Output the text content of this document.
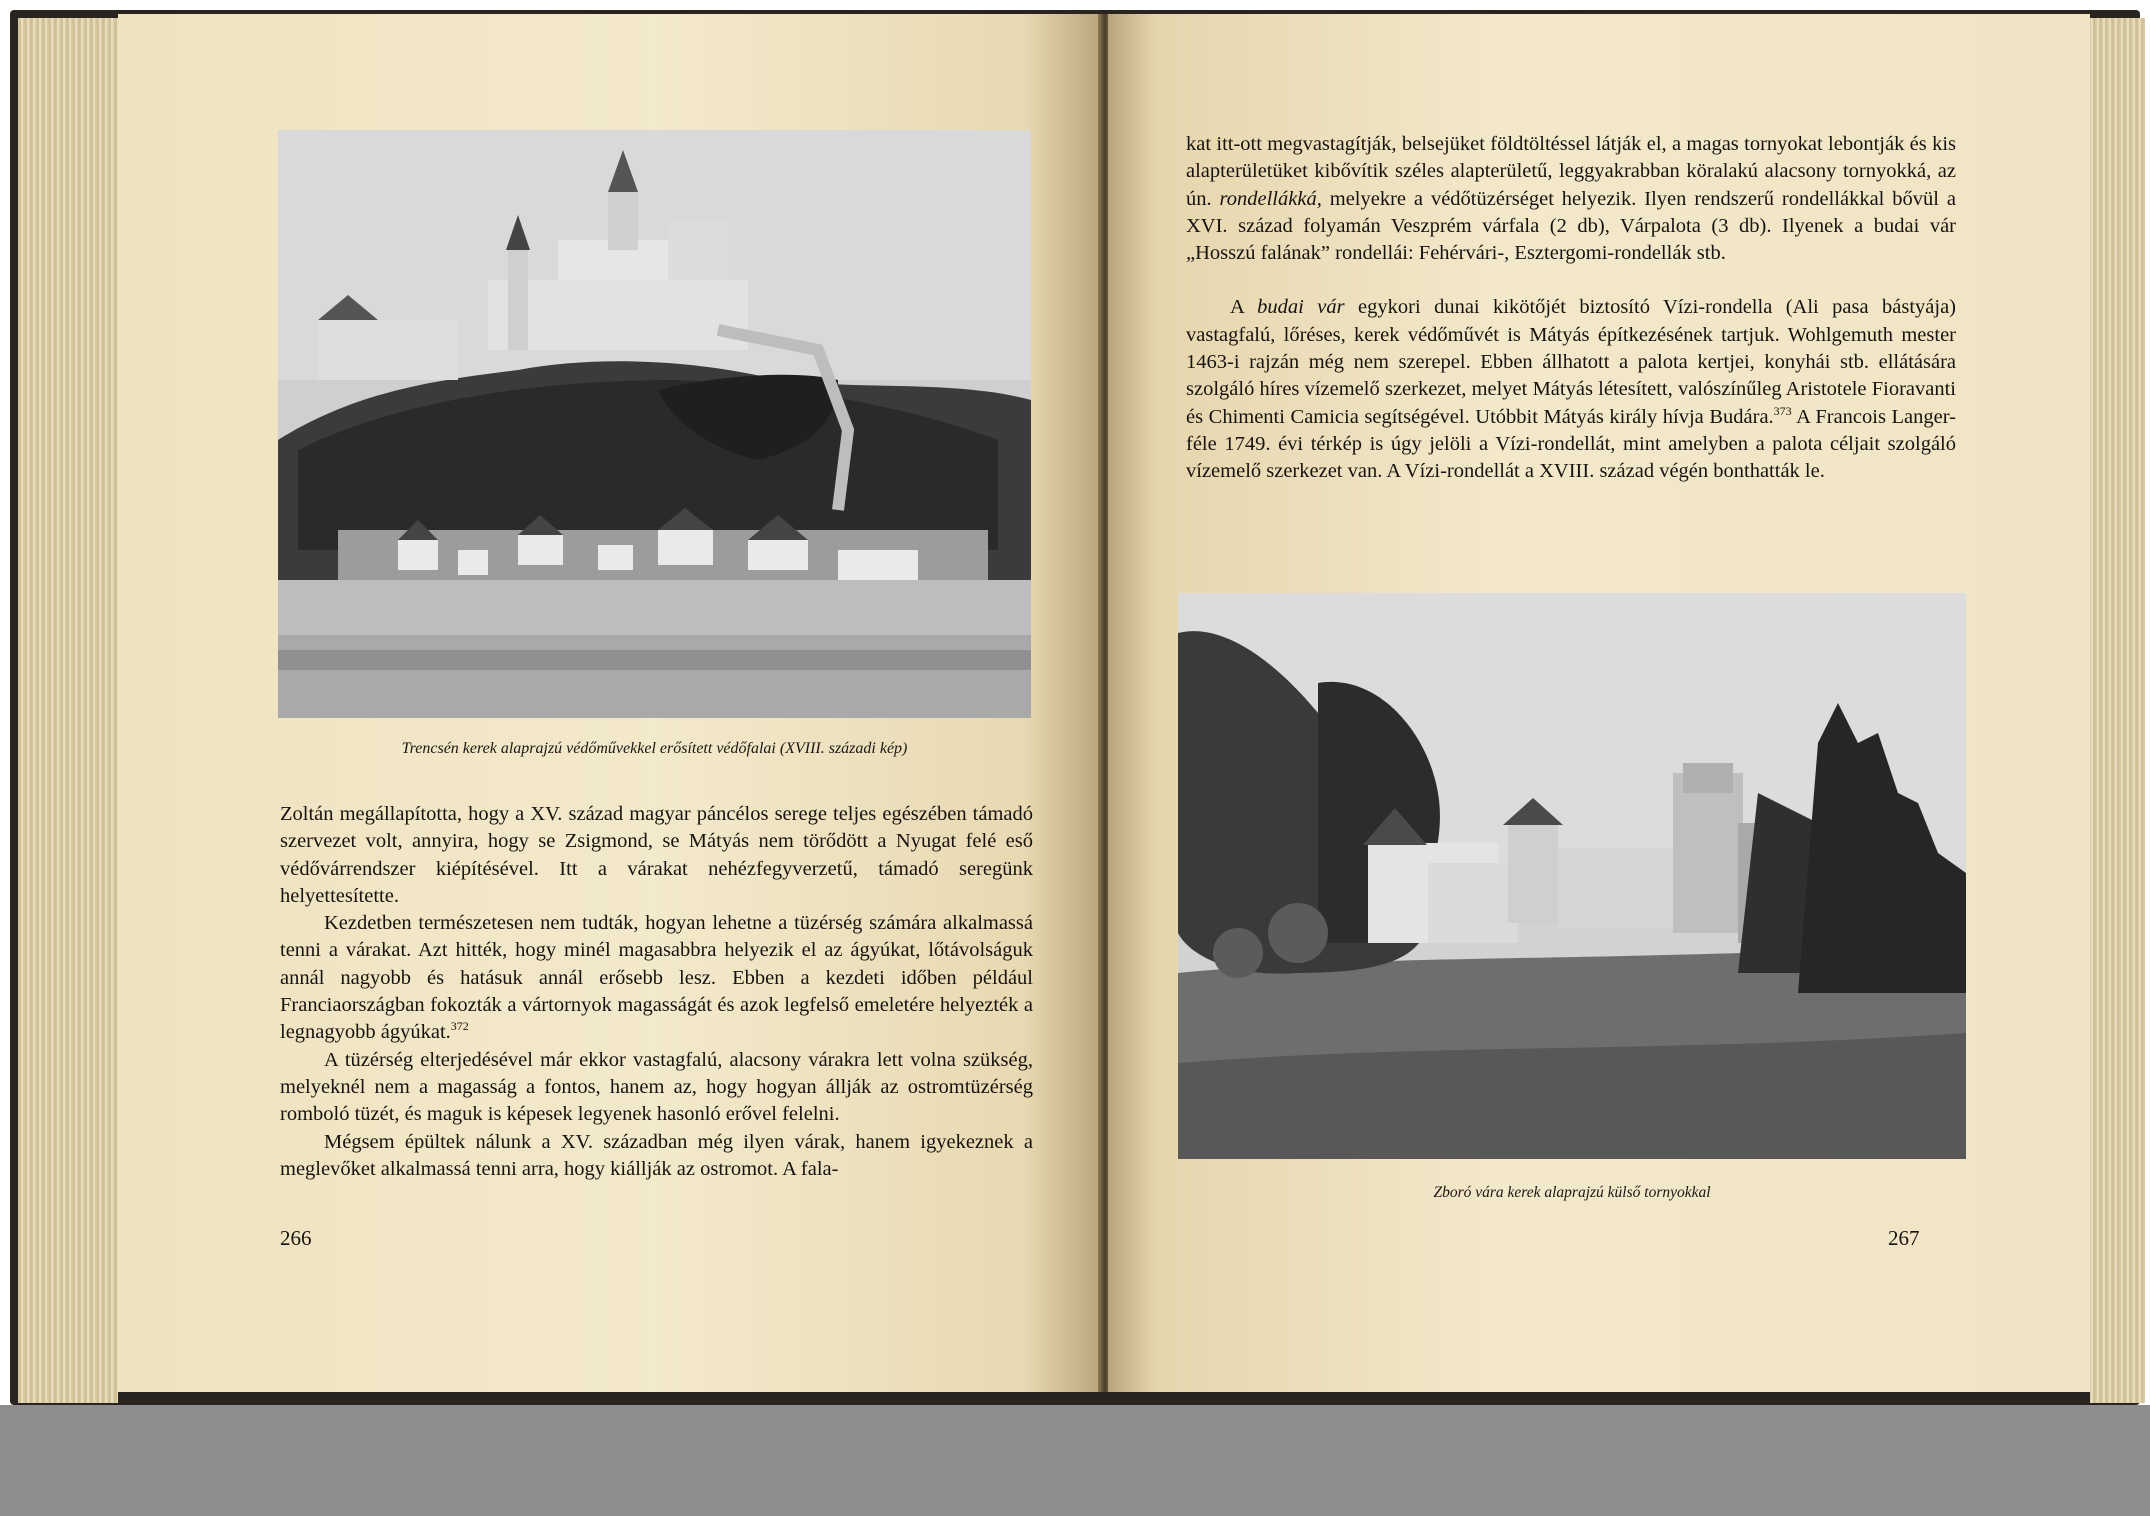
Trencsén kerek alaprajzú védőművekkel erősített védőfalai (XVIII. századi kép)

Zoltán megállapította, hogy a XV. század magyar páncélos serege teljes egészében támadó szervezet volt, annyira, hogy se Zsigmond, se Mátyás nem törődött a Nyugat felé eső védővárrendszer kiépítésével. Itt a várakat nehézfegyverzetű, támadó seregünk helyettesítette.

Kezdetben természetesen nem tudták, hogyan lehetne a tüzérség számára alkalmassá tenni a várakat. Azt hitték, hogy minél magasabbra helyezik el az ágyúkat, lőtávolságuk annál nagyobb és hatásuk annál erősebb lesz. Ebben a kezdeti időben például Franciaországban fokozták a vártornyok magasságát és azok legfelső emeletére helyezték a legnagyobb ágyúkat.$^{372}$

A tüzérség elterjedésével már ekkor vastagfalú, alacsony várakra lett volna szükség, melyeknél nem a magasság a fontos, hanem az, hogy hogyan állják az ostromtüzérség romboló tüzét, és maguk is képesek legyenek hasonló erővel felelni.

Mégsem épültek nálunk a XV. században még ilyen várak, hanem igyekeznek a meglevőket alkalmassá tenni arra, hogy kiállják az ostromot. A fala-

266

kat itt-ott megvastagítják, belsejüket földtöltéssel látják el, a magas tornyokat lebontják és kis alapterületüket kibővítik széles alapterületű, leggyakrabban köralakú alacsony tornyokká, az ún. rondellákká, melyekre a védőtüzérséget helyezik. Ilyen rendszerű rondellákkal bővül a XVI. század folyamán Veszprém várfala (2 db), Várpalota (3 db). Ilyenek a budai vár „Hosszú falának” rondellái: Fehérvári-, Esztergomi-rondellák stb.

A budai vár egykori dunai kikötőjét biztosító Vízi-rondella (Ali pasa bástyája) vastagfalú, lőréses, kerek védőművét is Mátyás építkezésének tartjuk. Wohlgemuth mester 1463-i rajzán még nem szerepel. Ebben állhatott a palota kertjei, konyhái stb. ellátására szolgáló híres vízemelő szerkezet, melyet Mátyás létesített, valószínűleg Aristotele Fioravanti és Chimenti Camicia segítségével. Utóbbit Mátyás király hívja Budára.$^{373}$ A Francois Langer-féle 1749. évi térkép is úgy jelöli a Vízi-rondellát, mint amelyben a palota céljait szolgáló vízemelő szerkezet van. A Vízi-rondellát a XVIII. század végén bonthatták le.

Zboró vára kerek alaprajzú külső tornyokkal
267
